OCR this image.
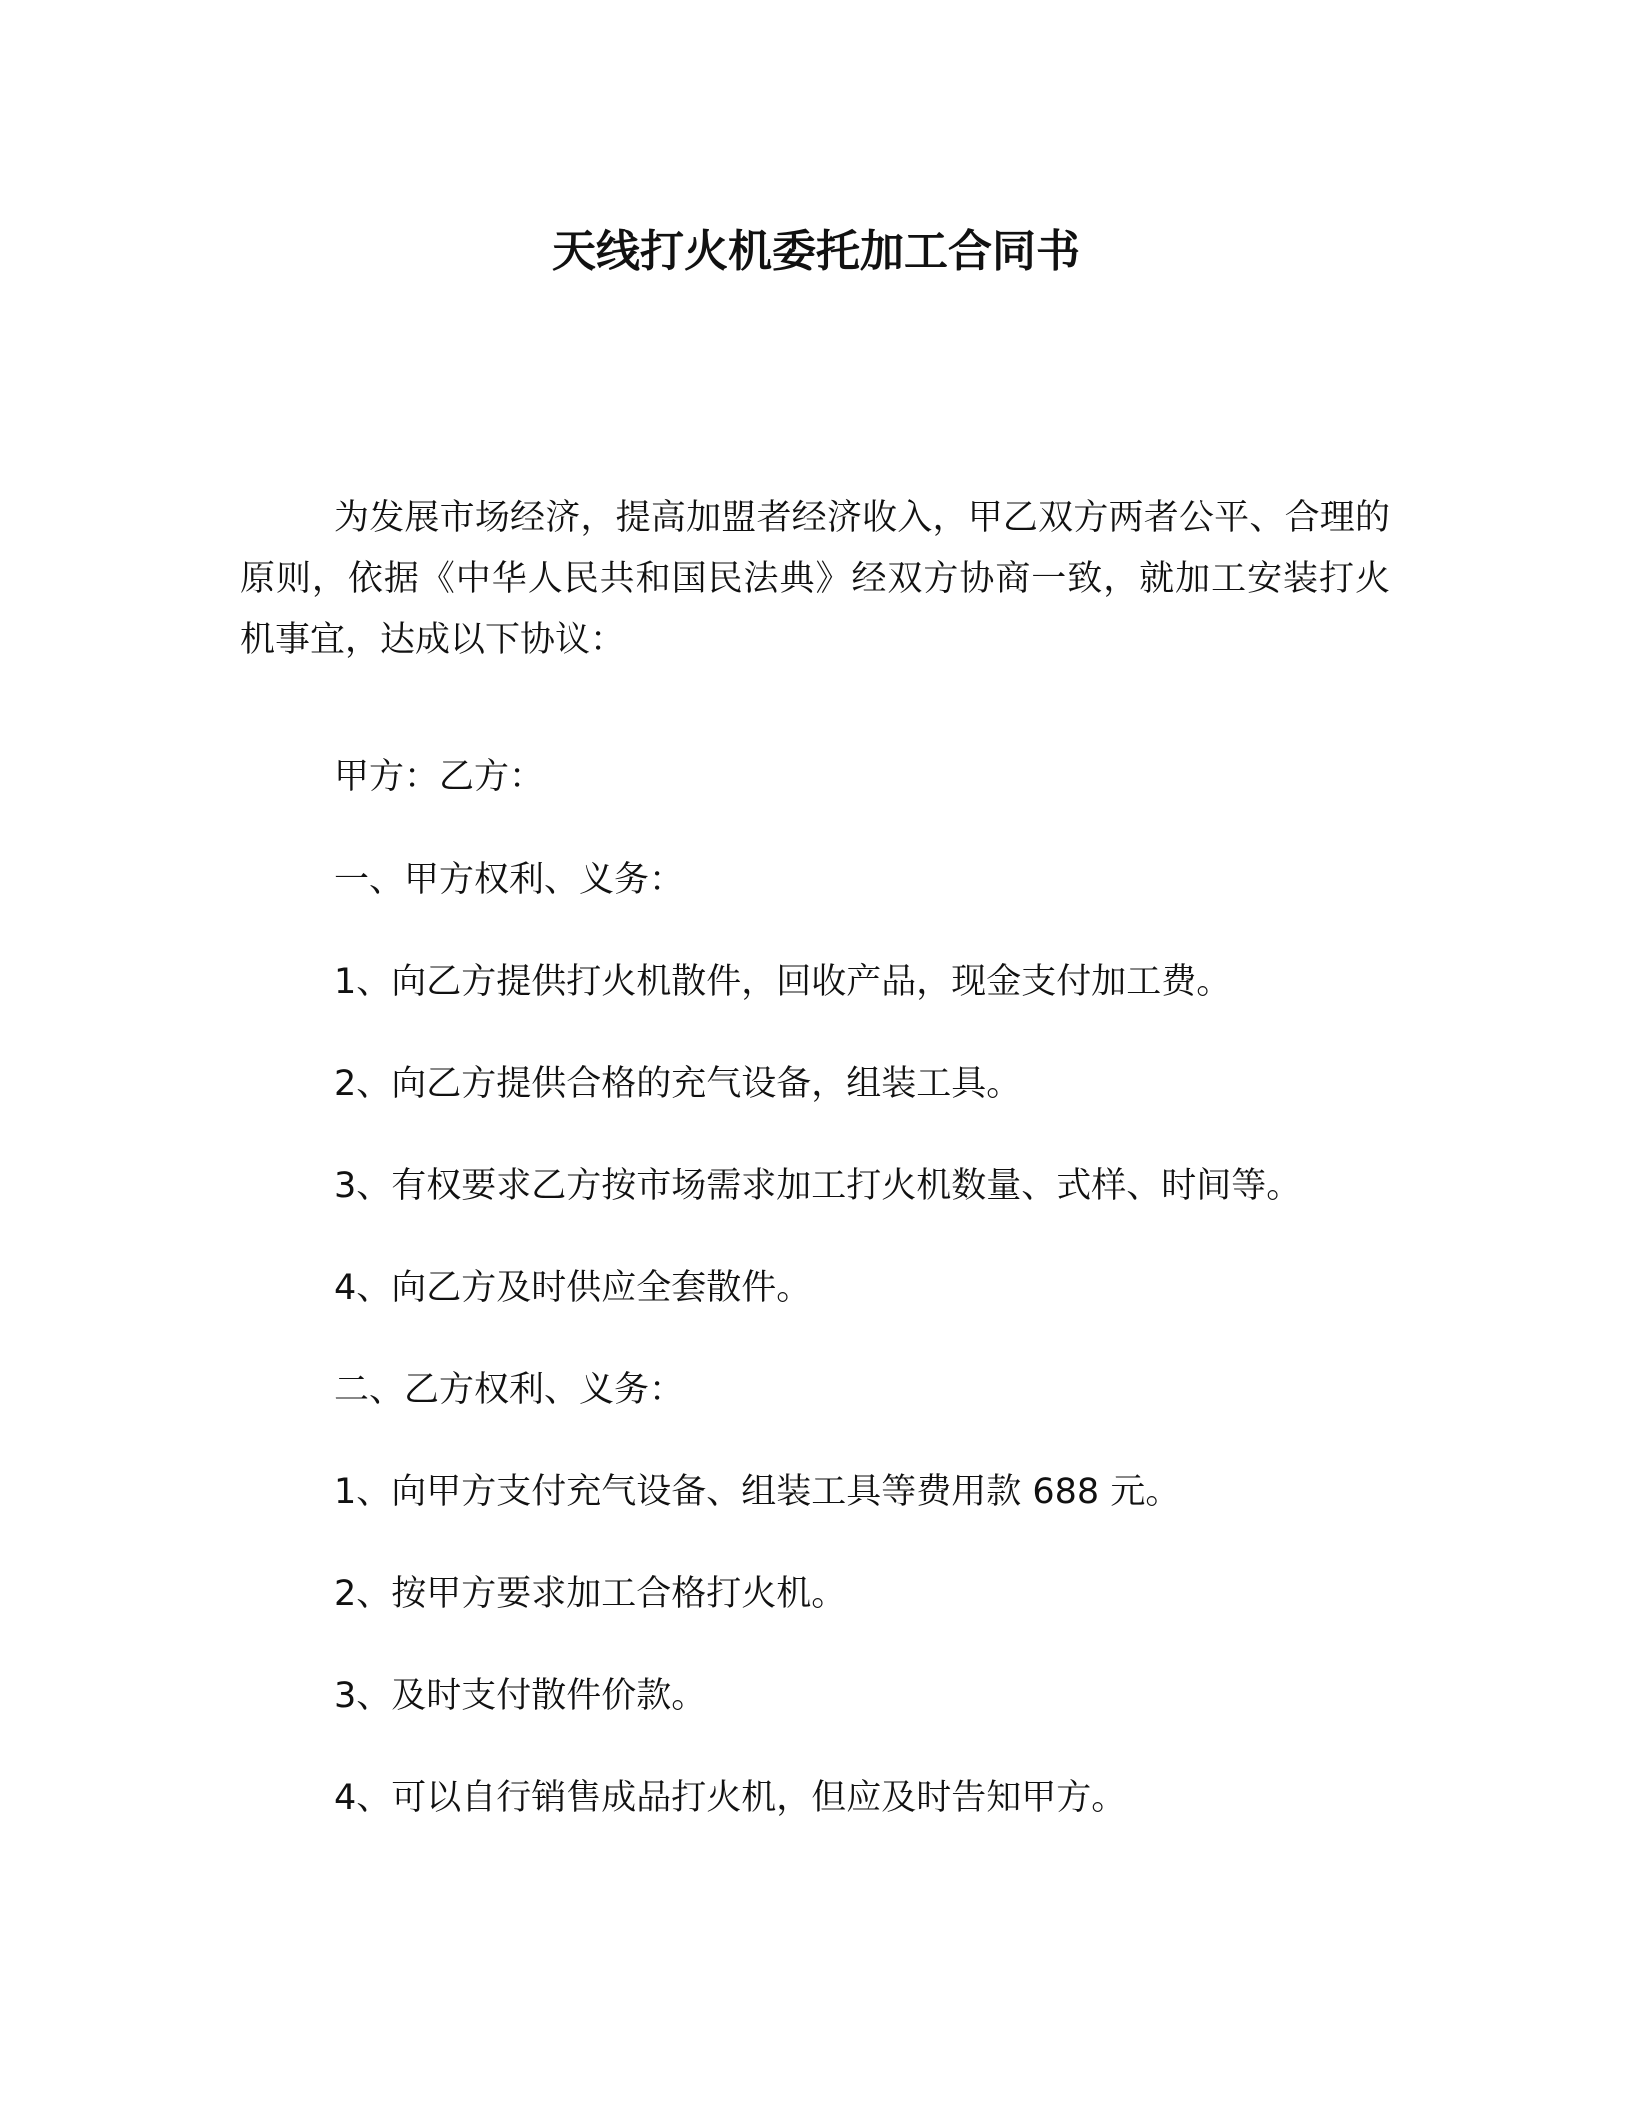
天线打火机委托加工合同书
为发展市场经济，提高加盟者经济收入，甲乙双方两者公平、合理的原则，依据《中华人民共和国民法典》经双方协商一致，就加工安装打火机事宜，达成以下协议：
甲方：乙方：
一、甲方权利、义务：
1、向乙方提供打火机散件，回收产品，现金支付加工费。
2、向乙方提供合格的充气设备，组装工具。
3、有权要求乙方按市场需求加工打火机数量、式样、时间等。
4、向乙方及时供应全套散件。
二、乙方权利、义务：
1、向甲方支付充气设备、组装工具等费用款 688 元。
2、按甲方要求加工合格打火机。
3、及时支付散件价款。
4、可以自行销售成品打火机，但应及时告知甲方。
